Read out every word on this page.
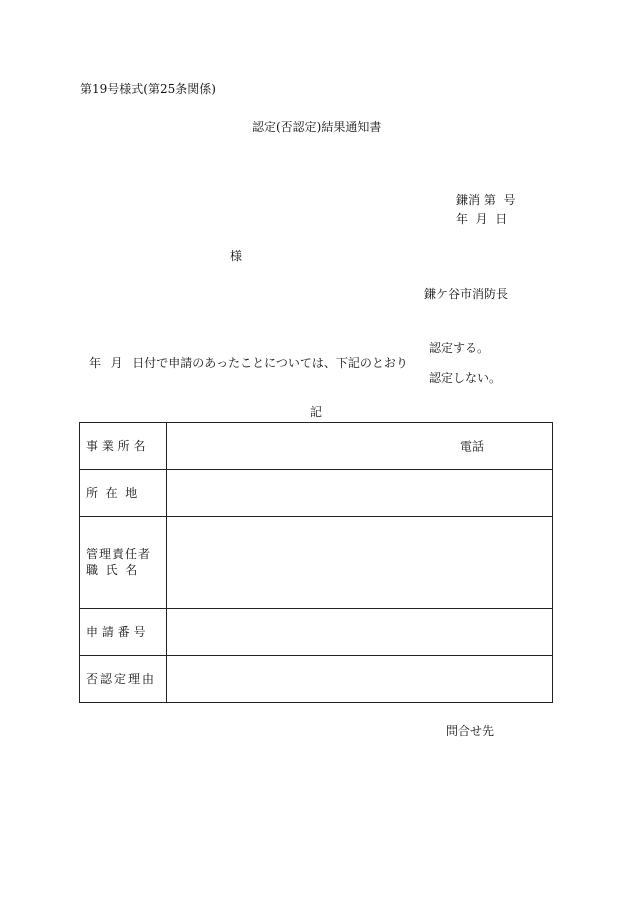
第19号様式(第25条関係)
認定(否認定)結果通知書
鎌消 第  号
年  月  日
様
鎌ケ谷市消防長
年  月  日付で申請のあったことについては、下記のとおり
認定する。
認定しない。
記
事 業 所 名	電話

所  在  地	

管理責任者
職  氏  名	

申 請 番 号	

否認定理由	

問合せ先
